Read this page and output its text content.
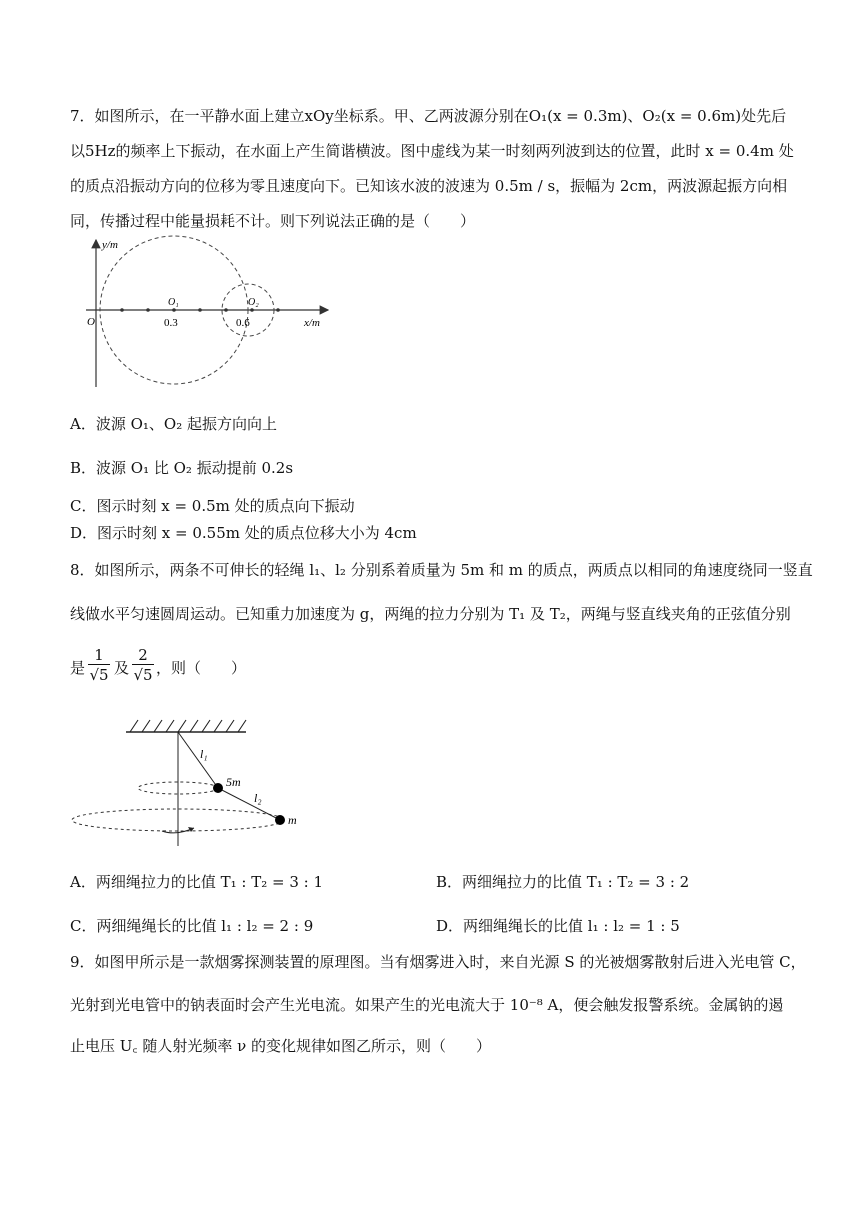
7．如图所示，在一平静水面上建立xOy坐标系。甲、乙两波源分别在O₁(x = 0.3m)、O₂(x = 0.6m)处先后
以5Hz的频率上下振动，在水面上产生简谐横波。图中虚线为某一时刻两列波到达的位置，此时 x = 0.4m 处
的质点沿振动方向的位移为零且速度向下。已知该水波的波速为 0.5m / s，振幅为 2cm，两波源起振方向相
同，传播过程中能量损耗不计。则下列说法正确的是（　　）
y/m
x/m
O
O₁	O₂
0.3	0.6
A．波源 O₁、O₂ 起振方向向上
B．波源 O₁ 比 O₂ 振动提前 0.2s
C．图示时刻 x = 0.5m 处的质点向下振动
D．图示时刻 x = 0.55m 处的质点位移大小为 4cm
8．如图所示，两条不可伸长的轻绳 l₁、l₂ 分别系着质量为 5m 和 m 的质点，两质点以相同的角速度绕同一竖直
线做水平匀速圆周运动。已知重力加速度为 g，两绳的拉力分别为 T₁ 及 T₂，两绳与竖直线夹角的正弦值分别
是 $\frac{1}{√5}$ 及 $\frac{2}{√5}$ ，则（　　）
l₁
l₂
5m
m
A．两细绳拉力的比值 T₁ : T₂ = 3 : 1	B．两细绳拉力的比值 T₁ : T₂ = 3 : 2
C．两细绳绳长的比值 l₁ : l₂ = 2 : 9	D．两细绳绳长的比值 l₁ : l₂ = 1 : 5
9．如图甲所示是一款烟雾探测装置的原理图。当有烟雾进入时，来自光源 S 的光被烟雾散射后进入光电管 C，
光射到光电管中的钠表面时会产生光电流。如果产生的光电流大于 10⁻⁸ A，便会触发报警系统。金属钠的遏
止电压 U꜀ 随人射光频率 ν 的变化规律如图乙所示，则（　　）
